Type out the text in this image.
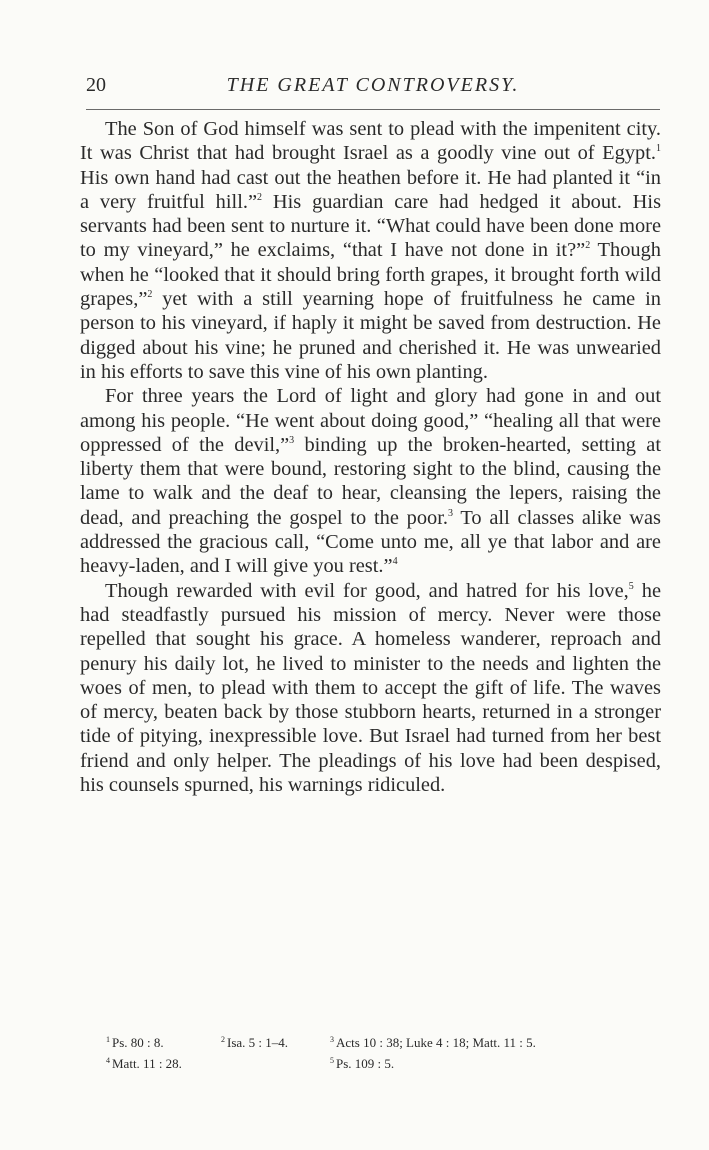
20	THE GREAT CONTROVERSY.

The Son of God himself was sent to plead with the impenitent city. It was Christ that had brought Israel as a goodly vine out of Egypt.$^1$ His own hand had cast out the heathen before it. He had planted it “in a very fruitful hill.”$^2$ His guardian care had hedged it about. His servants had been sent to nurture it. “What could have been done more to my vineyard,” he exclaims, “that I have not done in it?”$^2$ Though when he “looked that it should bring forth grapes, it brought forth wild grapes,”$^2$ yet with a still yearning hope of fruitfulness he came in person to his vineyard, if haply it might be saved from destruction. He digged about his vine; he pruned and cherished it. He was unwearied in his efforts to save this vine of his own planting.

For three years the Lord of light and glory had gone in and out among his people. “He went about doing good,” “healing all that were oppressed of the devil,”$^3$ binding up the broken-hearted, setting at liberty them that were bound, restoring sight to the blind, causing the lame to walk and the deaf to hear, cleansing the lepers, raising the dead, and preaching the gospel to the poor.$^3$ To all classes alike was addressed the gracious call, “Come unto me, all ye that labor and are heavy-laden, and I will give you rest.”$^4$

Though rewarded with evil for good, and hatred for his love,$^5$ he had steadfastly pursued his mission of mercy. Never were those repelled that sought his grace. A homeless wanderer, reproach and penury his daily lot, he lived to minister to the needs and lighten the woes of men, to plead with them to accept the gift of life. The waves of mercy, beaten back by those stubborn hearts, returned in a stronger tide of pitying, inexpressible love. But Israel had turned from her best friend and only helper. The pleadings of his love had been despised, his counsels spurned, his warnings ridiculed.

$^1$ Ps. 80 : 8.	$^2$ Isa. 5 : 1–4.	$^3$ Acts 10 : 38; Luke 4 : 18; Matt. 11 : 5.
$^4$ Matt. 11 : 28.	$^5$ Ps. 109 : 5.
